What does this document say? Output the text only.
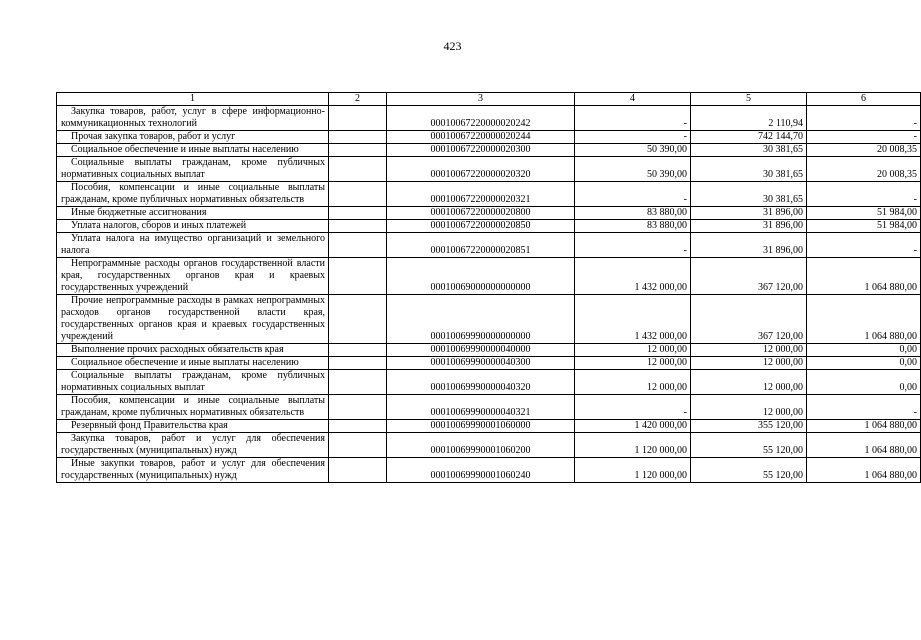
423
1	2	3	4	5	6
Закупка товаров, работ, услуг в сфере информационно-коммуникационных технологий		00010067220000020242	-	2 110,94	-
Прочая закупка товаров, работ и услуг		00010067220000020244	-	742 144,70	-
Социальное обеспечение и иные выплаты населению		00010067220000020300	50 390,00	30 381,65	20 008,35
Социальные выплаты гражданам, кроме публичных нормативных социальных выплат		00010067220000020320	50 390,00	30 381,65	20 008,35
Пособия, компенсации и иные социальные выплаты гражданам, кроме публичных нормативных обязательств		00010067220000020321	-	30 381,65	-
Иные бюджетные ассигнования		00010067220000020800	83 880,00	31 896,00	51 984,00
Уплата налогов, сборов и иных платежей		00010067220000020850	83 880,00	31 896,00	51 984,00
Уплата налога на имущество организаций и земельного налога		00010067220000020851	-	31 896,00	-
Непрограммные расходы органов государственной власти края, государственных органов края и краевых государственных учреждений		00010069000000000000	1 432 000,00	367 120,00	1 064 880,00
Прочие непрограммные расходы в рамках непрограммных расходов органов государственной власти края, государственных органов края и краевых государственных учреждений		00010069990000000000	1 432 000,00	367 120,00	1 064 880,00
Выполнение прочих расходных обязательств края		00010069990000040000	12 000,00	12 000,00	0,00
Социальное обеспечение и иные выплаты населению		00010069990000040300	12 000,00	12 000,00	0,00
Социальные выплаты гражданам, кроме публичных нормативных социальных выплат		00010069990000040320	12 000,00	12 000,00	0,00
Пособия, компенсации и иные социальные выплаты гражданам, кроме публичных нормативных обязательств		00010069990000040321	-	12 000,00	-
Резервный фонд Правительства края		00010069990001060000	1 420 000,00	355 120,00	1 064 880,00
Закупка товаров, работ и услуг для обеспечения государственных (муниципальных) нужд		00010069990001060200	1 120 000,00	55 120,00	1 064 880,00
Иные закупки товаров, работ и услуг для обеспечения государственных (муниципальных) нужд		00010069990001060240	1 120 000,00	55 120,00	1 064 880,00
